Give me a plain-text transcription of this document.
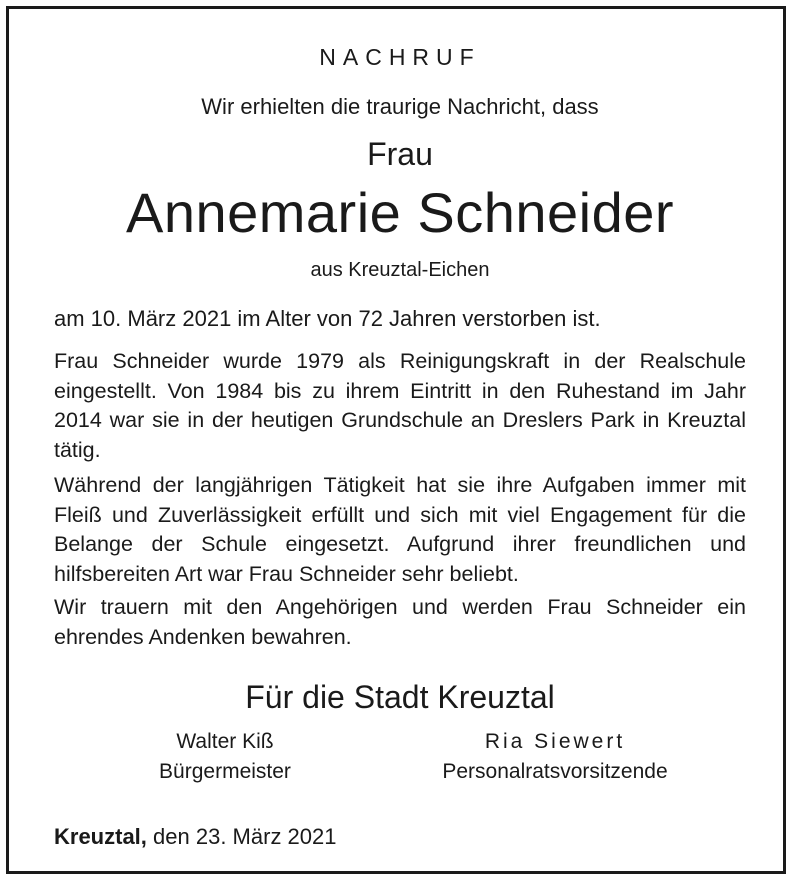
NACHRUF
Wir erhielten die traurige Nachricht, dass
Frau
Annemarie Schneider
aus Kreuztal-Eichen
am 10. März 2021 im Alter von 72 Jahren verstorben ist.
Frau Schneider wurde 1979 als Reinigungskraft in der Realschule eingestellt. Von 1984 bis zu ihrem Eintritt in den Ruhestand im Jahr 2014 war sie in der heutigen Grundschule an Dreslers Park in Kreuztal tätig.
Während der langjährigen Tätigkeit hat sie ihre Aufgaben immer mit Fleiß und Zuverlässigkeit erfüllt und sich mit viel Engagement für die Belange der Schule eingesetzt. Aufgrund ihrer freundlichen und hilfsbereiten Art war Frau Schneider sehr beliebt.
Wir trauern mit den Angehörigen und werden Frau Schneider ein ehrendes Andenken bewahren.
Für die Stadt Kreuztal
Walter Kiß
Bürgermeister
Ria Siewert
Personalratsvorsitzende
Kreuztal, den 23. März 2021
